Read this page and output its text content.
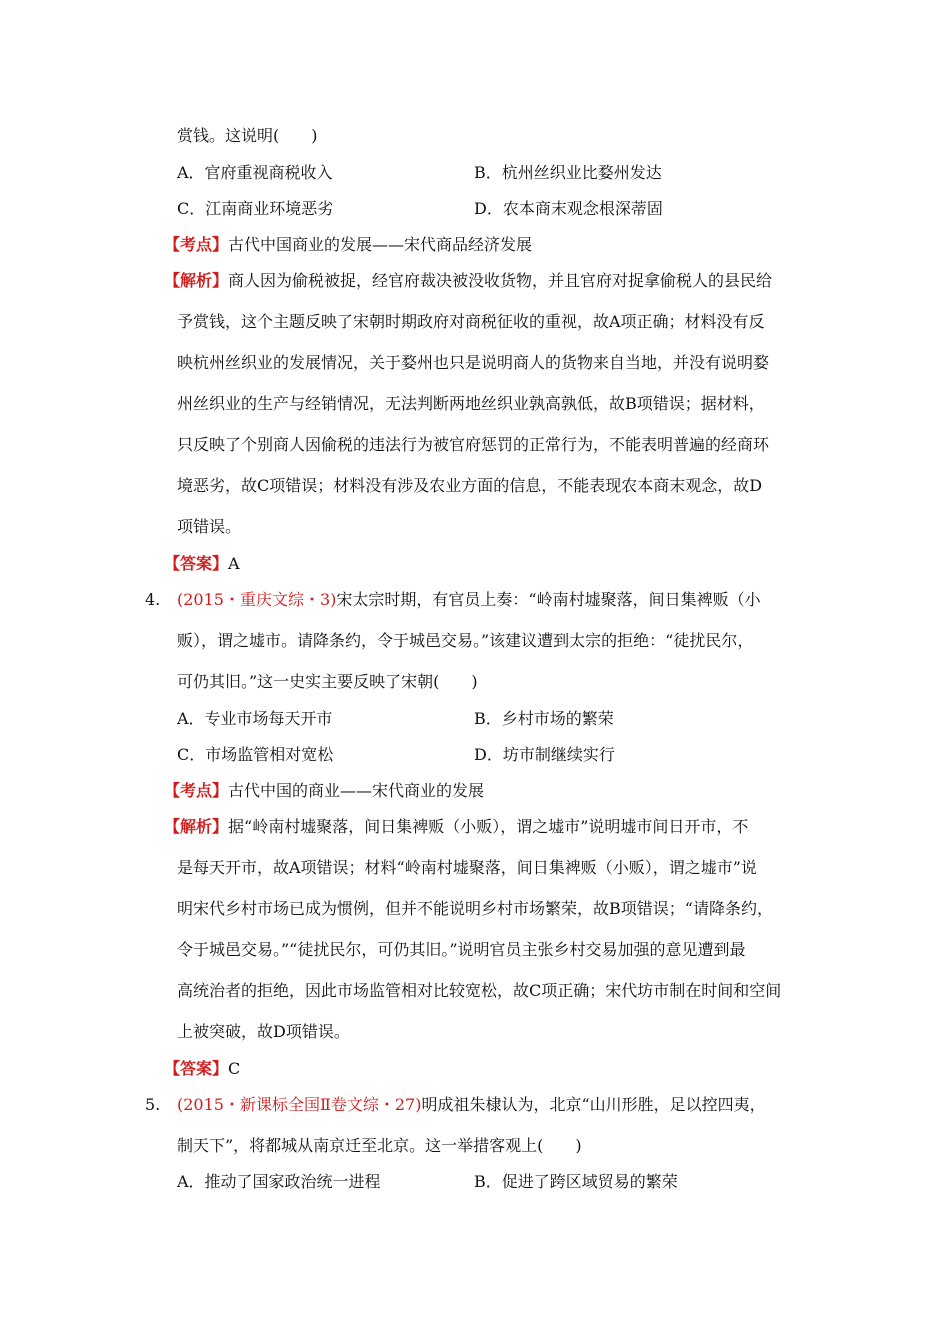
赏钱。这说明(　　)
A．官府重视商税收入	B．杭州丝织业比婺州发达
C．江南商业环境恶劣	D．农本商末观念根深蒂固
【考点】古代中国商业的发展——宋代商品经济发展
【解析】商人因为偷税被捉，经官府裁决被没收货物，并且官府对捉拿偷税人的县民给
予赏钱，这个主题反映了宋朝时期政府对商税征收的重视，故A项正确；材料没有反
映杭州丝织业的发展情况，关于婺州也只是说明商人的货物来自当地，并没有说明婺
州丝织业的生产与经销情况，无法判断两地丝织业孰高孰低，故B项错误；据材料，
只反映了个别商人因偷税的违法行为被官府惩罚的正常行为，不能表明普遍的经商环
境恶劣，故C项错误；材料没有涉及农业方面的信息，不能表现农本商末观念，故D
项错误。
【答案】A
4. (2015・重庆文综・3)宋太宗时期，有官员上奏：“岭南村墟聚落，间日集裨贩（小
贩），谓之墟市。请降条约，令于城邑交易。”该建议遭到太宗的拒绝：“徒扰民尔，
可仍其旧。”这一史实主要反映了宋朝(　　)
A．专业市场每天开市	B．乡村市场的繁荣
C．市场监管相对宽松	D．坊市制继续实行
【考点】古代中国的商业——宋代商业的发展
【解析】据“岭南村墟聚落，间日集裨贩（小贩），谓之墟市”说明墟市间日开市，不
是每天开市，故A项错误；材料“岭南村墟聚落，间日集裨贩（小贩），谓之墟市”说
明宋代乡村市场已成为惯例，但并不能说明乡村市场繁荣，故B项错误；“请降条约，
令于城邑交易。”“徒扰民尔，可仍其旧。”说明官员主张乡村交易加强的意见遭到最
高统治者的拒绝，因此市场监管相对比较宽松，故C项正确；宋代坊市制在时间和空间
上被突破，故D项错误。
【答案】C
5. (2015・新课标全国Ⅱ卷文综・27)明成祖朱棣认为，北京“山川形胜，足以控四夷，
制天下”，将都城从南京迁至北京。这一举措客观上(　　)
A．推动了国家政治统一进程	B．促进了跨区域贸易的繁荣
